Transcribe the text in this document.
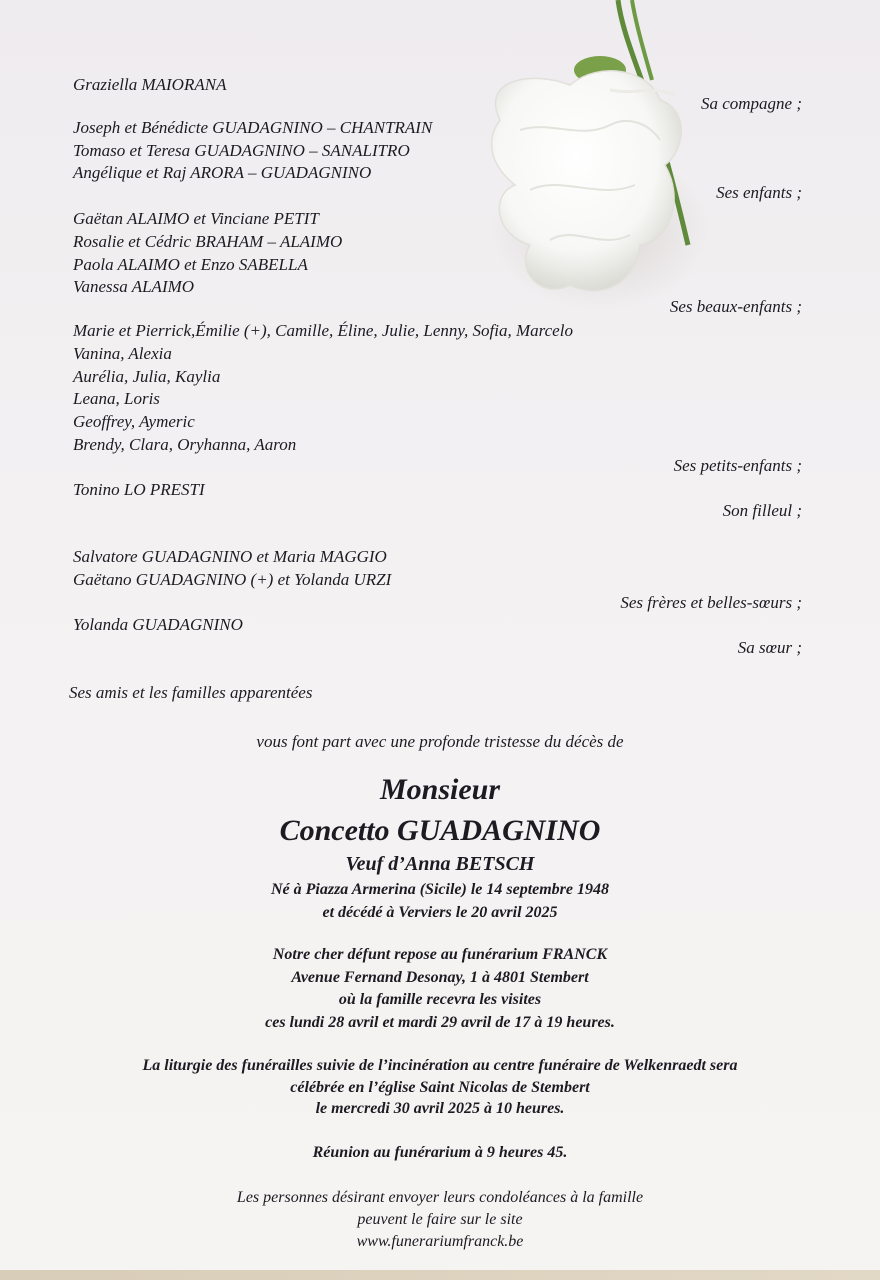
Graziella MAIORANA
Sa compagne ;
Joseph et Bénédicte GUADAGNINO – CHANTRAIN
Tomaso et Teresa GUADAGNINO – SANALITRO
Angélique et Raj ARORA – GUADAGNINO
Ses enfants ;
Gaëtan ALAIMO et Vinciane PETIT
Rosalie et Cédric BRAHAM – ALAIMO
Paola ALAIMO et Enzo SABELLA
Vanessa ALAIMO
Ses beaux-enfants ;
Marie et Pierrick,Émilie (+), Camille, Éline, Julie, Lenny, Sofia, Marcelo
Vanina, Alexia
Aurélia, Julia, Kaylia
Leana, Loris
Geoffrey, Aymeric
Brendy, Clara, Oryhanna, Aaron
Ses petits-enfants ;
Tonino LO PRESTI
Son filleul ;
Salvatore GUADAGNINO et Maria MAGGIO
Gaëtano GUADAGNINO (+) et Yolanda URZI
Ses frères et belles-sœurs ;
Yolanda GUADAGNINO
Sa sœur ;
Ses amis et les familles apparentées
vous font part avec une profonde tristesse du décès de
Monsieur
Concetto GUADAGNINO
Veuf d’Anna BETSCH
Né à Piazza Armerina (Sicile) le 14 septembre 1948
et décédé à Verviers le 20 avril 2025
Notre cher défunt repose au funérarium FRANCK
Avenue Fernand Desonay, 1 à 4801 Stembert
où la famille recevra les visites
ces lundi 28 avril et mardi 29 avril de 17 à 19 heures.
La liturgie des funérailles suivie de l’incinération au centre funéraire de Welkenraedt sera
célébrée en l’église Saint Nicolas de Stembert
le mercredi 30 avril 2025 à 10 heures.
Réunion au funérarium à 9 heures 45.
Les personnes désirant envoyer leurs condoléances à la famille
peuvent le faire sur le site
www.funerariumfranck.be
